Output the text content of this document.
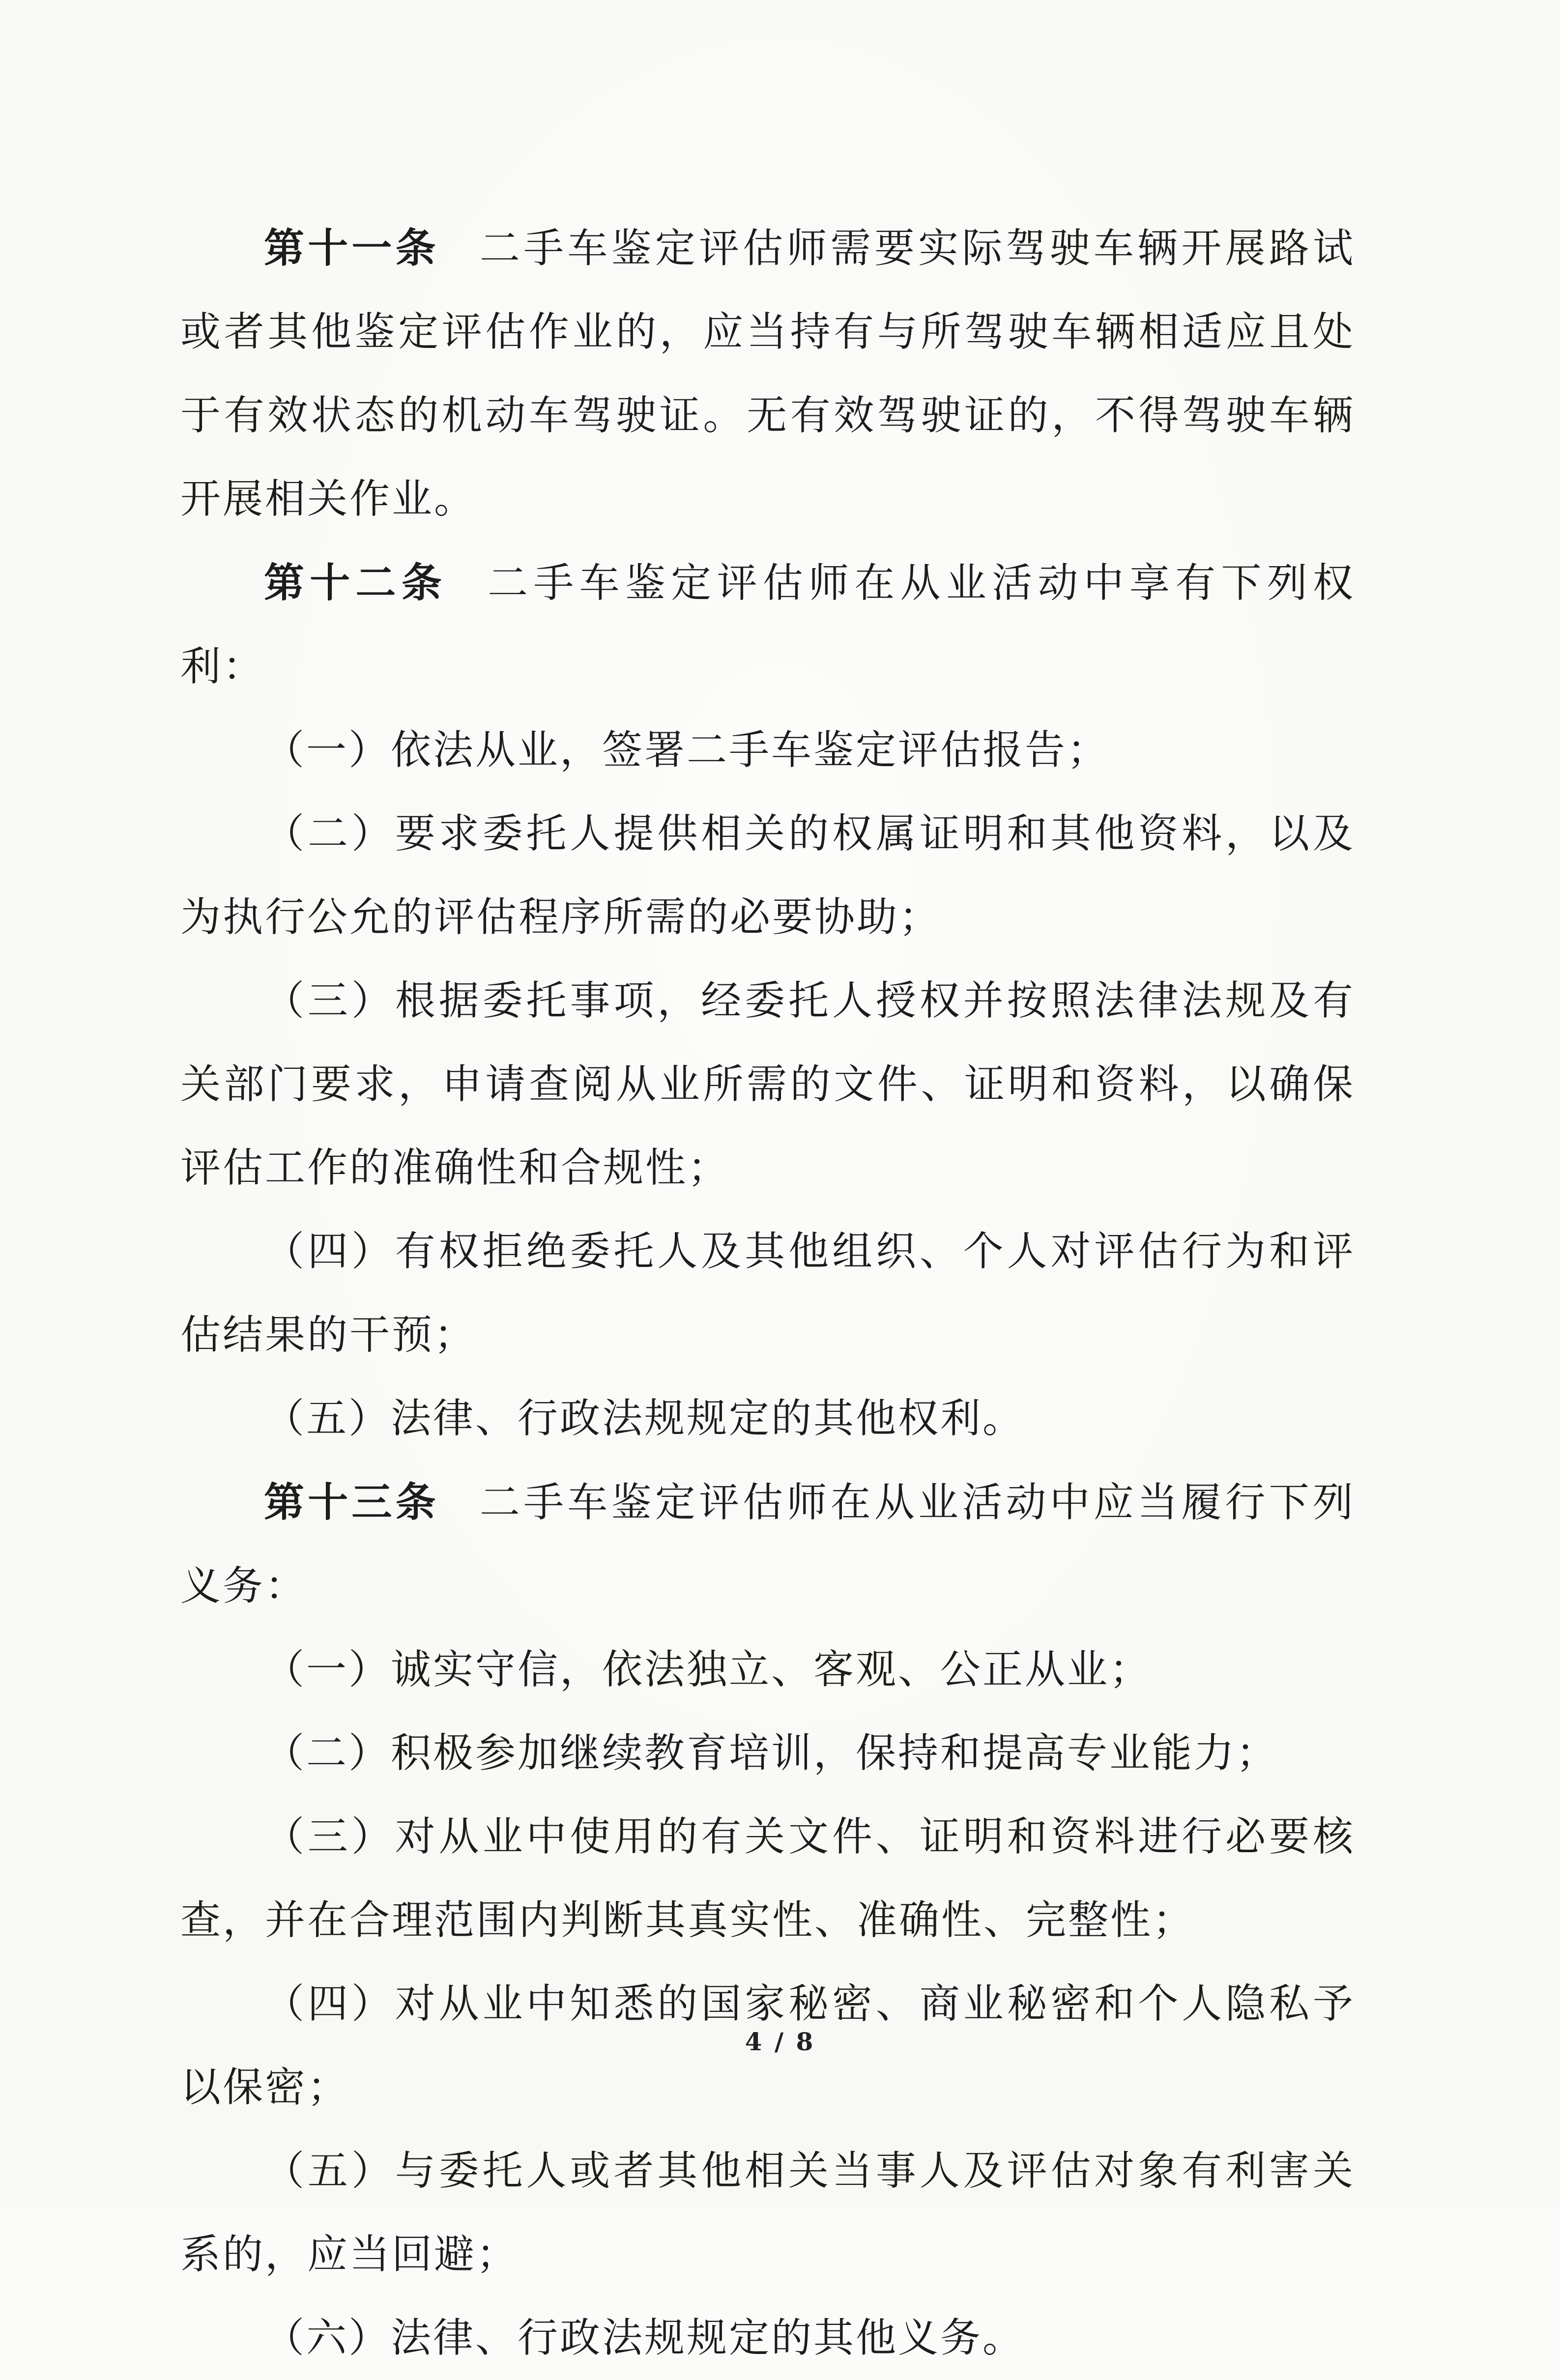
第十一条 二手车鉴定评估师需要实际驾驶车辆开展路试或者其他鉴定评估作业的，应当持有与所驾驶车辆相适应且处于有效状态的机动车驾驶证。无有效驾驶证的，不得驾驶车辆开展相关作业。

第十二条 二手车鉴定评估师在从业活动中享有下列权利：

（一）依法从业，签署二手车鉴定评估报告；

（二）要求委托人提供相关的权属证明和其他资料，以及为执行公允的评估程序所需的必要协助；

（三）根据委托事项，经委托人授权并按照法律法规及有关部门要求，申请查阅从业所需的文件、证明和资料，以确保评估工作的准确性和合规性；

（四）有权拒绝委托人及其他组织、个人对评估行为和评估结果的干预；

（五）法律、行政法规规定的其他权利。

第十三条 二手车鉴定评估师在从业活动中应当履行下列义务：

（一）诚实守信，依法独立、客观、公正从业；

（二）积极参加继续教育培训，保持和提高专业能力；

（三）对从业中使用的有关文件、证明和资料进行必要核查，并在合理范围内判断其真实性、准确性、完整性；

（四）对从业中知悉的国家秘密、商业秘密和个人隐私予以保密；

（五）与委托人或者其他相关当事人及评估对象有利害关系的，应当回避；

（六）法律、行政法规规定的其他义务。

4 / 8
